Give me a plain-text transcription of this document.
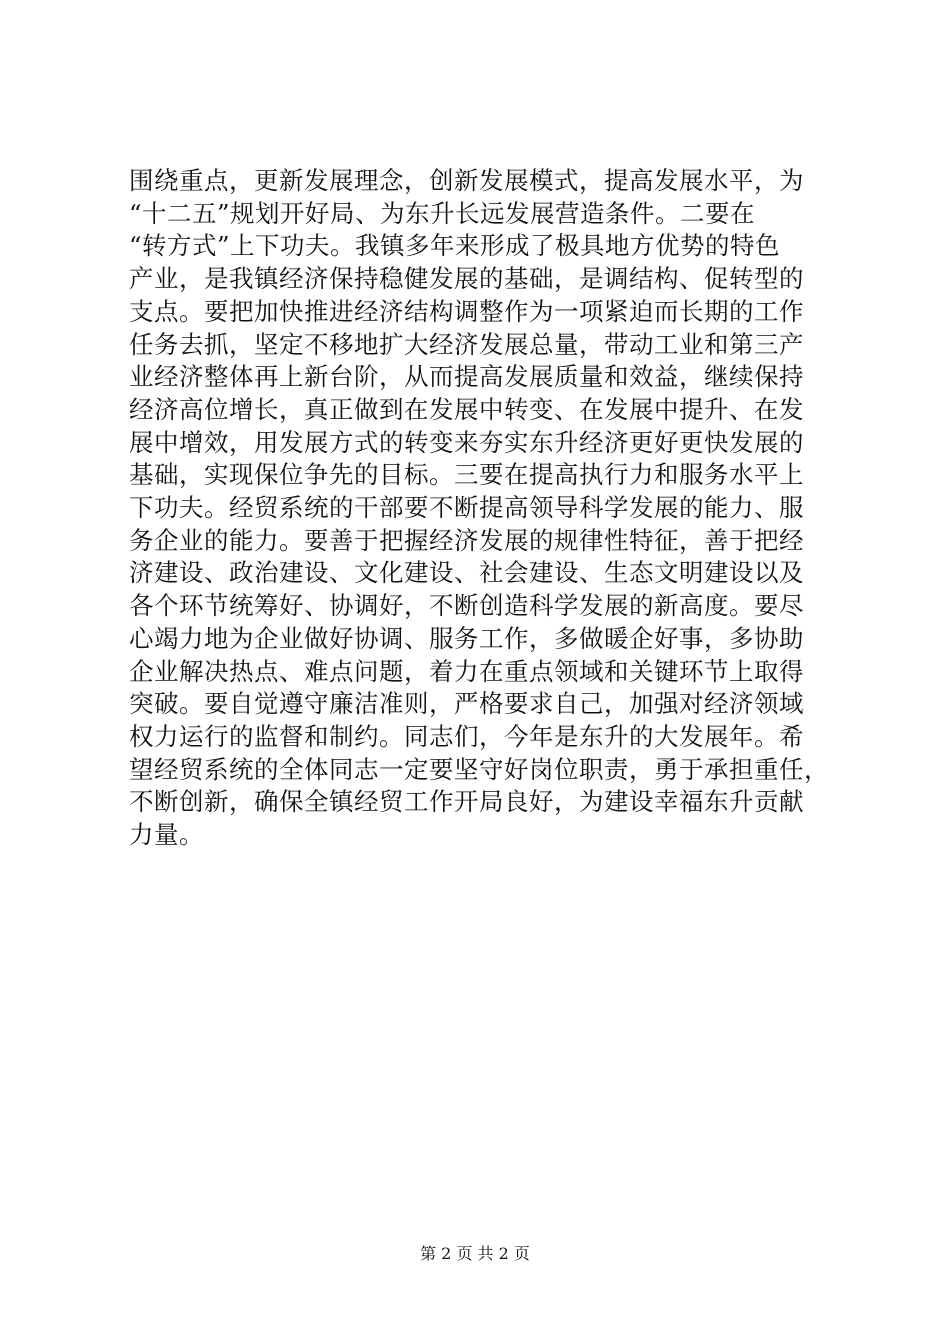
围绕重点，更新发展理念，创新发展模式，提高发展水平，为
“十二五”规划开好局、为东升长远发展营造条件。二要在
“转方式”上下功夫。我镇多年来形成了极具地方优势的特色
产业，是我镇经济保持稳健发展的基础，是调结构、促转型的
支点。要把加快推进经济结构调整作为一项紧迫而长期的工作
任务去抓，坚定不移地扩大经济发展总量，带动工业和第三产
业经济整体再上新台阶，从而提高发展质量和效益，继续保持
经济高位增长，真正做到在发展中转变、在发展中提升、在发
展中增效，用发展方式的转变来夯实东升经济更好更快发展的
基础，实现保位争先的目标。三要在提高执行力和服务水平上
下功夫。经贸系统的干部要不断提高领导科学发展的能力、服
务企业的能力。要善于把握经济发展的规律性特征，善于把经
济建设、政治建设、文化建设、社会建设、生态文明建设以及
各个环节统筹好、协调好，不断创造科学发展的新高度。要尽
心竭力地为企业做好协调、服务工作，多做暖企好事，多协助
企业解决热点、难点问题，着力在重点领域和关键环节上取得
突破。要自觉遵守廉洁准则，严格要求自己，加强对经济领域
权力运行的监督和制约。同志们，今年是东升的大发展年。希
望经贸系统的全体同志一定要坚守好岗位职责，勇于承担重任，
不断创新，确保全镇经贸工作开局良好，为建设幸福东升贡献
力量。
第 2 页 共 2 页
